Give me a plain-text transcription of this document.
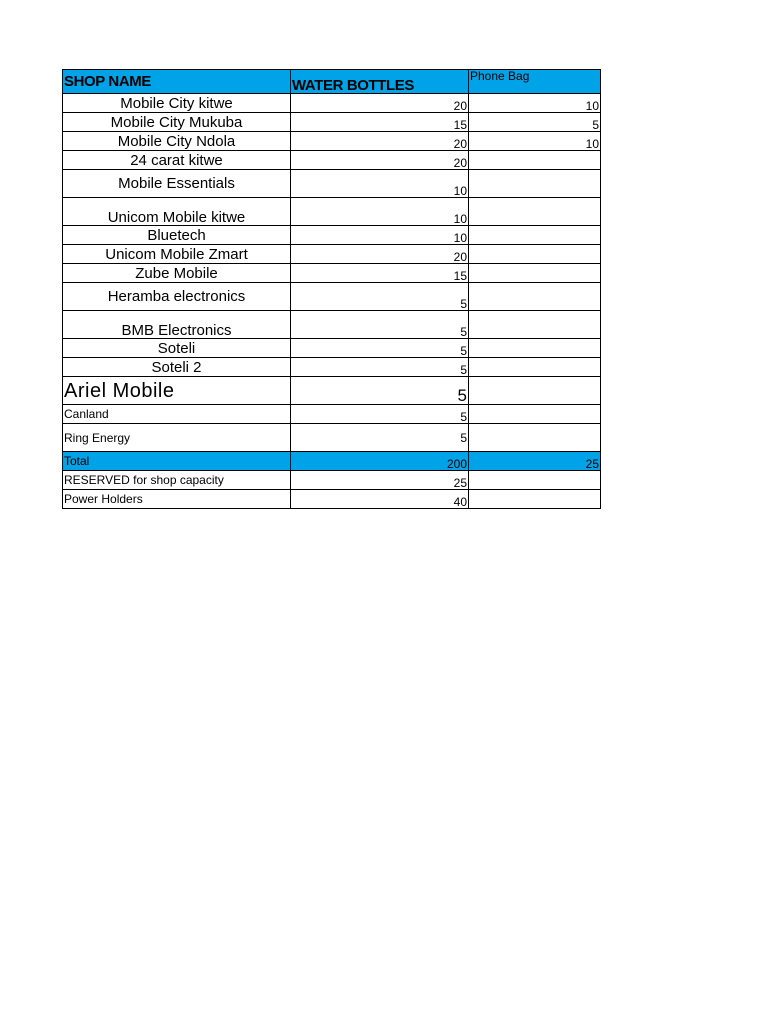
SHOP NAME	WATER BOTTLES	Phone Bag
Mobile City kitwe	20	10
Mobile City Mukuba	15	5
Mobile City Ndola	20	10
24 carat kitwe	20	
Mobile Essentials	10	
Unicom Mobile kitwe	10	
Bluetech	10	
Unicom Mobile Zmart	20	
Zube Mobile	15	
Heramba electronics	5	
BMB Electronics	5	
Soteli	5	
Soteli 2	5	
Ariel Mobile	5	
Canland	5	
Ring Energy	5	
Total	200	25
RESERVED for shop capacity	25	
Power Holders	40	
